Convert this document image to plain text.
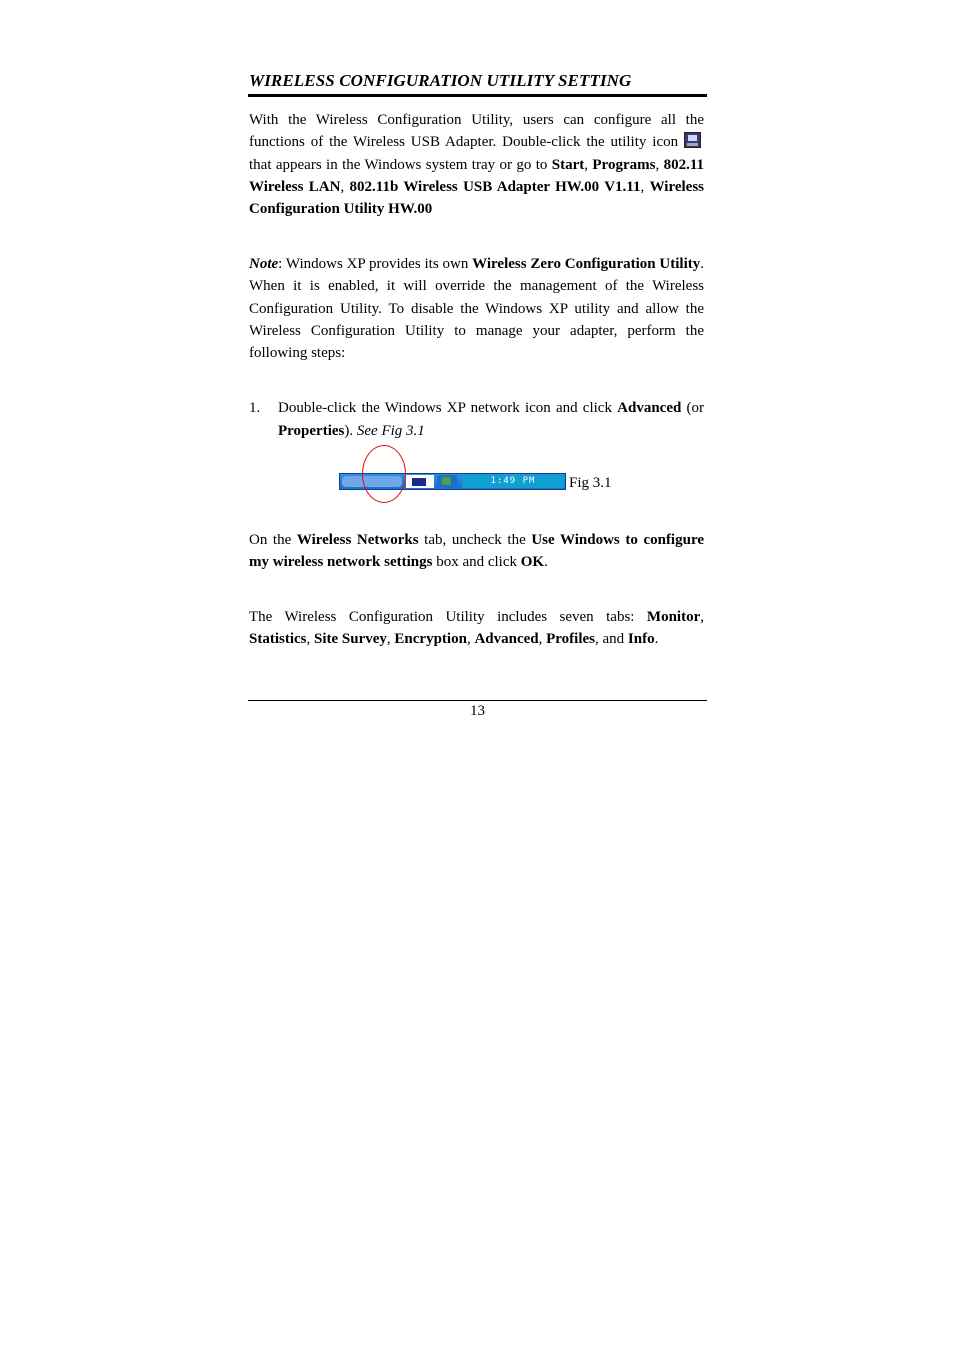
WIRELESS CONFIGURATION UTILITY SETTING
With the Wireless Configuration Utility, users can configure all the functions of the Wireless USB Adapter. Double-click the utility icon  that appears in the Windows system tray or go to Start, Programs, 802.11 Wireless LAN, 802.11b Wireless USB Adapter HW.00 V1.11, Wireless Configuration Utility HW.00
Note: Windows XP provides its own Wireless Zero Configuration Utility. When it is enabled, it will override the management of the Wireless Configuration Utility. To disable the Windows XP utility and allow the Wireless Configuration Utility to manage your adapter, perform the following steps:
1. Double-click the Windows XP network icon and click Advanced (or Properties). See Fig 3.1
1:49 PM	Fig 3.1
On the Wireless Networks tab, uncheck the Use Windows to configure my wireless network settings box and click OK.
The Wireless Configuration Utility includes seven tabs: Monitor, Statistics, Site Survey, Encryption, Advanced, Profiles, and Info.
13
